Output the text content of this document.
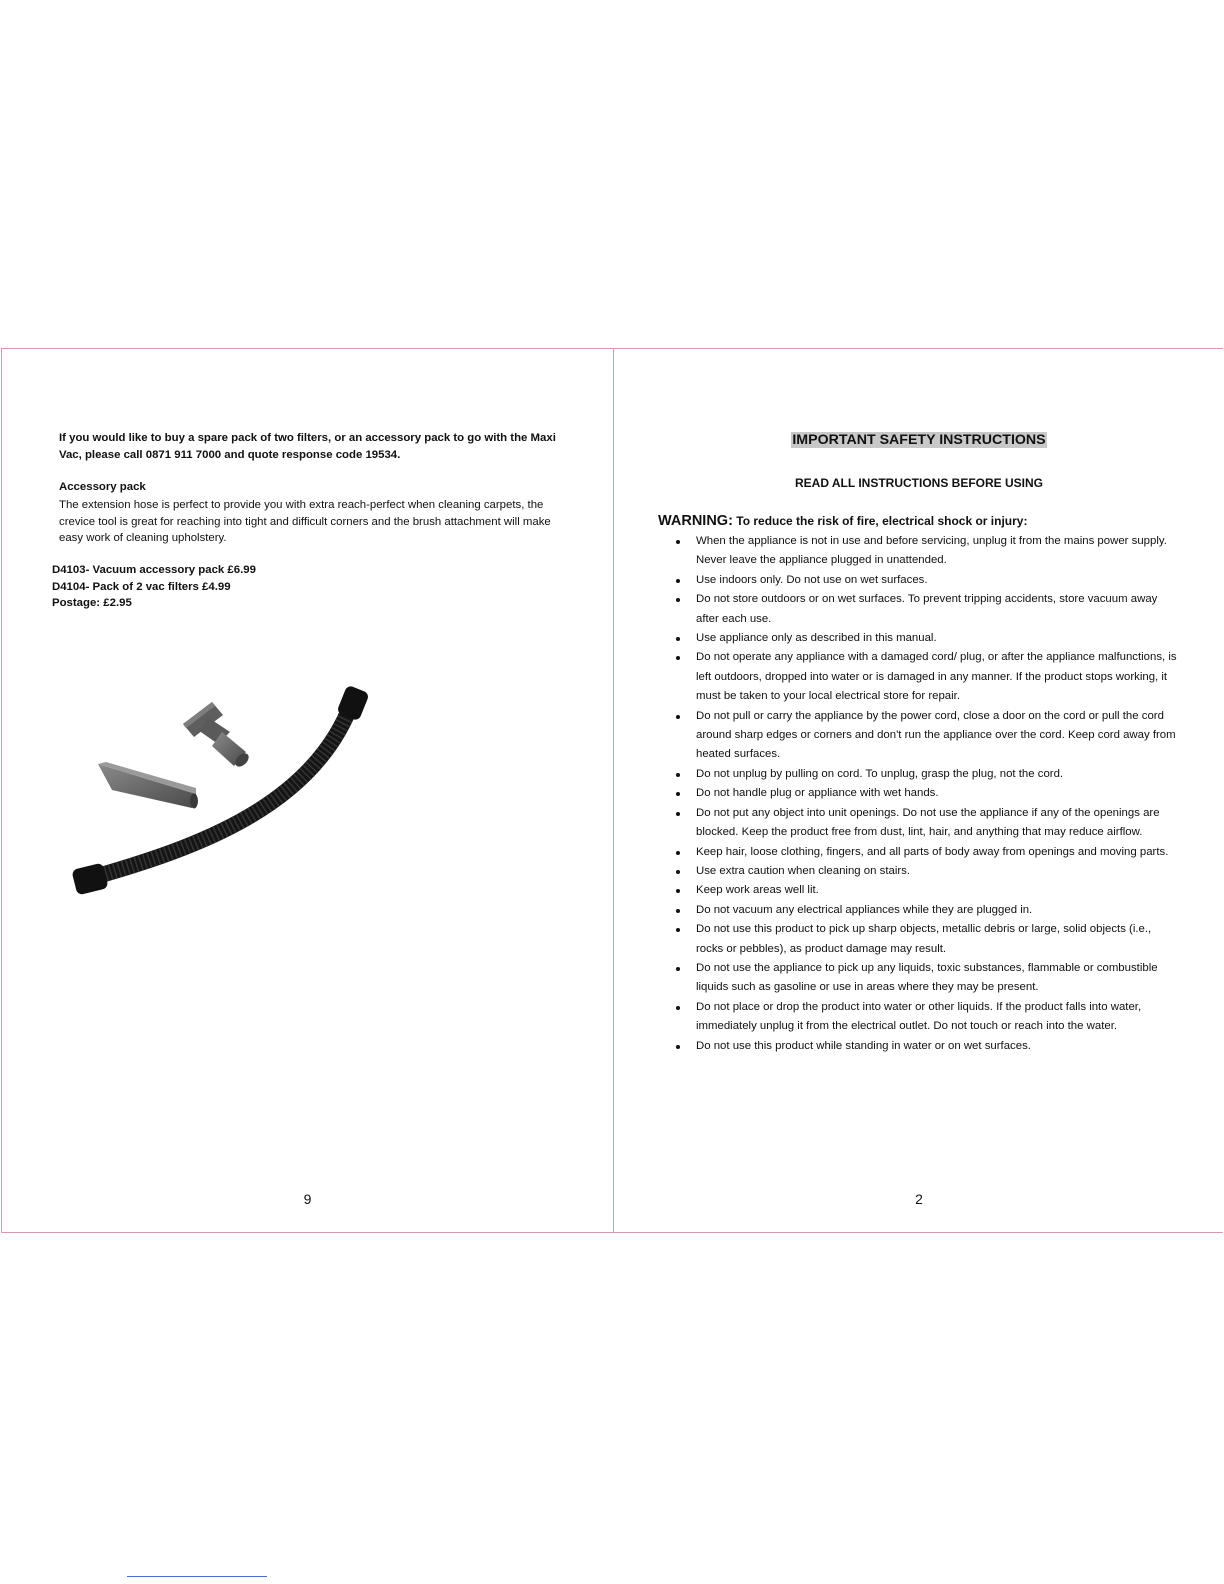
If you would like to buy a spare pack of two filters, or an accessory pack to go with the Maxi Vac, please call 0871 911 7000 and quote response code 19534.

Accessory pack

The extension hose is perfect to provide you with extra reach-perfect when cleaning carpets, the crevice tool is great for reaching into tight and difficult corners and the brush attachment will make easy work of cleaning upholstery.

D4103- Vacuum accessory pack £6.99
D4104- Pack of 2 vac filters £4.99
Postage: £2.95
9

IMPORTANT SAFETY INSTRUCTIONS

READ ALL INSTRUCTIONS BEFORE USING

WARNING: To reduce the risk of fire, electrical shock or injury:

When the appliance is not in use and before servicing, unplug it from the mains power supply. Never leave the appliance plugged in unattended.
Use indoors only. Do not use on wet surfaces.
Do not store outdoors or on wet surfaces. To prevent tripping accidents, store vacuum away after each use.
Use appliance only as described in this manual.
Do not operate any appliance with a damaged cord/ plug, or after the appliance malfunctions, is left outdoors, dropped into water or is damaged in any manner. If the product stops working, it must be taken to your local electrical store for repair.
Do not pull or carry the appliance by the power cord, close a door on the cord or pull the cord around sharp edges or corners and don't run the appliance over the cord. Keep cord away from heated surfaces.
Do not unplug by pulling on cord. To unplug, grasp the plug, not the cord.
Do not handle plug or appliance with wet hands.
Do not put any object into unit openings. Do not use the appliance if any of the openings are blocked. Keep the product free from dust, lint, hair, and anything that may reduce airflow.
Keep hair, loose clothing, fingers, and all parts of body away from openings and moving parts.
Use extra caution when cleaning on stairs.
Keep work areas well lit.
Do not vacuum any electrical appliances while they are plugged in.
Do not use this product to pick up sharp objects, metallic debris or large, solid objects (i.e., rocks or pebbles), as product damage may result.
Do not use the appliance to pick up any liquids, toxic substances, flammable or combustible liquids such as gasoline or use in areas where they may be present.
Do not place or drop the product into water or other liquids. If the product falls into water, immediately unplug it from the electrical outlet. Do not touch or reach into the water.
Do not use this product while standing in water or on wet surfaces.
2
